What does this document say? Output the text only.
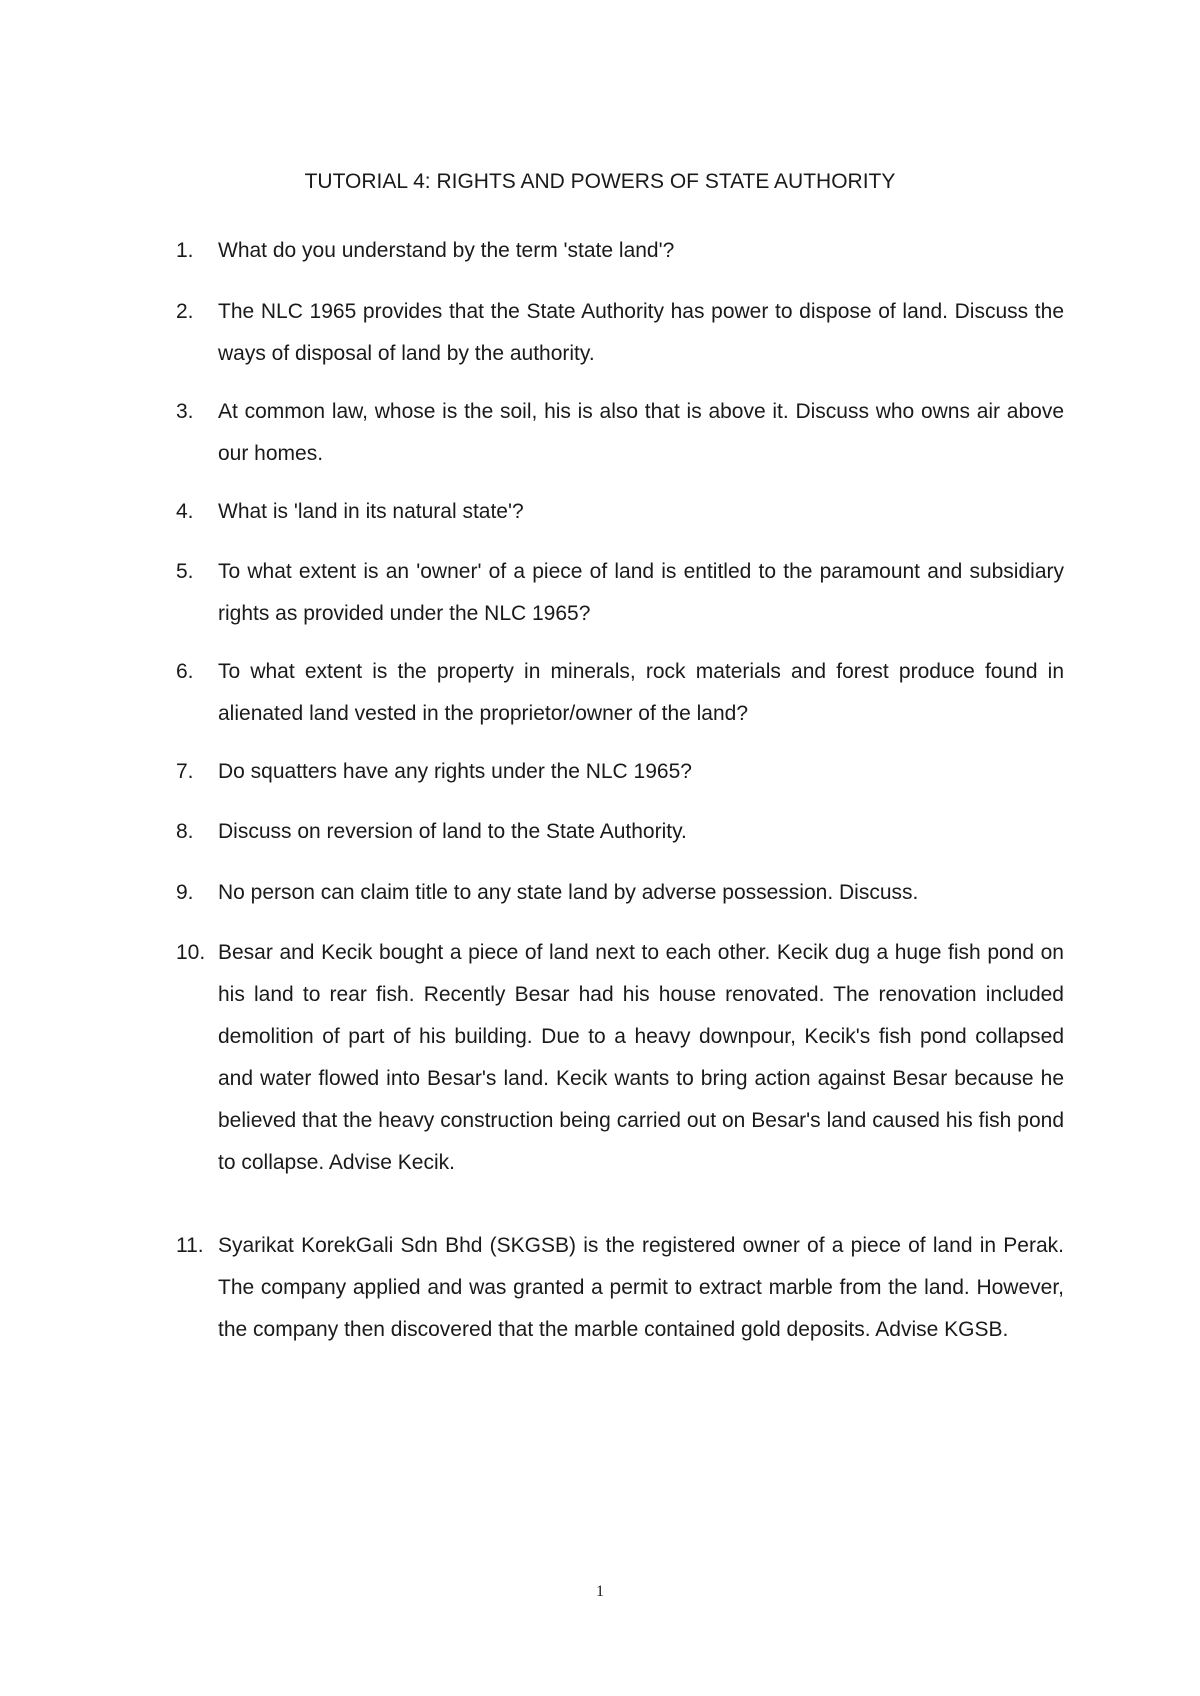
TUTORIAL 4: RIGHTS AND POWERS OF STATE AUTHORITY
1. What do you understand by the term 'state land'?
2. The NLC 1965 provides that the State Authority has power to dispose of land. Discuss the ways of disposal of land by the authority.
3. At common law, whose is the soil, his is also that is above it. Discuss who owns air above our homes.
4. What is 'land in its natural state'?
5. To what extent is an 'owner' of a piece of land is entitled to the paramount and subsidiary rights as provided under the NLC 1965?
6. To what extent is the property in minerals, rock materials and forest produce found in alienated land vested in the proprietor/owner of the land?
7. Do squatters have any rights under the NLC 1965?
8. Discuss on reversion of land to the State Authority.
9. No person can claim title to any state land by adverse possession. Discuss.
10. Besar and Kecik bought a piece of land next to each other. Kecik dug a huge fish pond on his land to rear fish. Recently Besar had his house renovated. The renovation included demolition of part of his building. Due to a heavy downpour, Kecik's fish pond collapsed and water flowed into Besar's land. Kecik wants to bring action against Besar because he believed that the heavy construction being carried out on Besar's land caused his fish pond to collapse. Advise Kecik.
11. Syarikat KorekGali Sdn Bhd (SKGSB) is the registered owner of a piece of land in Perak. The company applied and was granted a permit to extract marble from the land. However, the company then discovered that the marble contained gold deposits. Advise KGSB.
1
